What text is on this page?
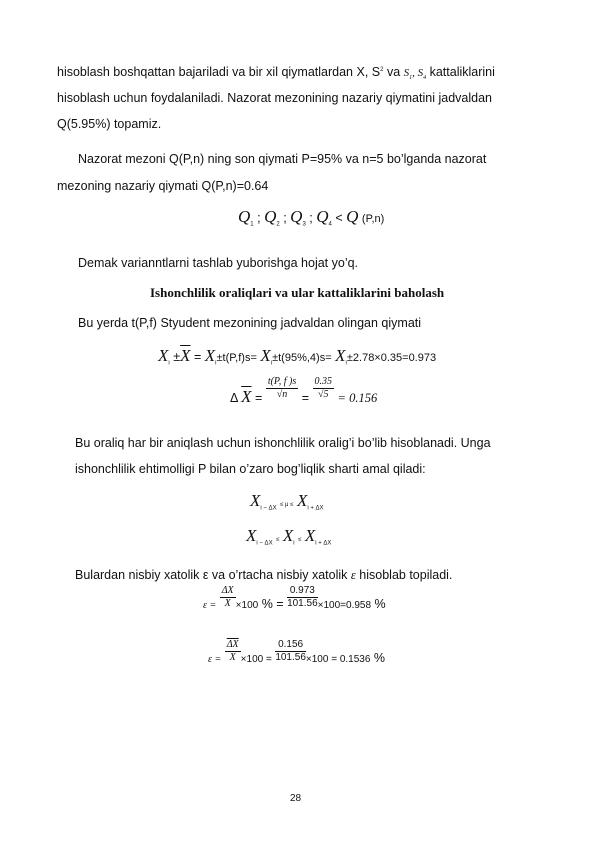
hisoblash boshqattan bajariladi va bir xil qiymatlardan X, $S^2$ va $S_1$, $S_4$ kattaliklarini
hisoblash uchun foydalaniladi. Nazorat mezonining nazariy qiymatini jadvaldan
Q(5.95%) topamiz.
Nazorat mezoni Q(P,n) ning son qiymati P=95% va n=5 bo’lganda nazorat
mezoning nazariy qiymati Q(P,n)=0.64
$Q_1$ ; $Q_2$ ; $Q_3$ ; $Q_4 < Q$ (P,n)
Demak varianntlarni tashlab yuborishga hojat yo’q.
Ishonchlilik oraliqlari va ular kattaliklarini baholash
Bu yerda t(P,f) Styudent mezonining jadvaldan olingan qiymati
$X_i \pm\overline{X} = X_i\pm t(P,f)s= X_i\pm t(95\%,4)s= X_i\pm 2.78\times 0.35=0.973$
Δ $\overline{X} = \frac{t(P, f )s}{√n} = \frac{0.35}{√5} = 0.156$
Bu oraliq har bir aniqlash uchun ishonchlilik oralig’i bo’lib hisoblanadi. Unga
ishonchlilik ehtimolligi P bilan o’zaro bog’liqlik sharti amal qiladi:
$X_{i - \Delta X} \le \mu \le X_{i + \Delta X}$
$X_{i - \Delta X} \le X_i \le X_{i + \Delta X}$
Bulardan nisbiy xatolik ε va o’rtacha nisbiy xatolik ε hisoblab topiladi.
$\varepsilon = \frac{\Delta X}{X} \times 100$ % = $\frac{0.973}{101.56} \times 100=0.958$ %
$\varepsilon = \frac{\overline{\Delta X}}{X} \times 100 = \frac{0.156}{101.56} \times 100 = 0.1536$ %
28
